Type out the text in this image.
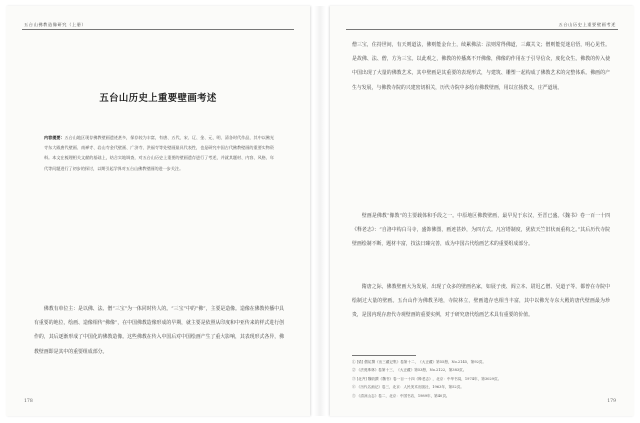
五台山佛教造像研究（上册）
五台山历史上重要壁画考述

内容提要：五台山地区现存佛教壁画遗迹甚多，保存较为丰富，有唐、五代、宋、辽、金、元、明、清各时代作品，其中以佛光寺东大殿唐代壁画、南禅寺、岩山寺金代壁画、广济寺、洪福寺等处壁画最具代表性，也是研究中国古代佛教壁画的重要实物资料。本文在梳理相关文献的基础上，结合实地调查，对五台山历史上重要的壁画遗存进行了考述，并就其题材、内容、风格、年代等问题进行了初步的探讨，以期引起学界对五台山佛教壁画的进一步关注。

佛教有单位主：是以佛、法、僧“三宝”为一体同时传人的。“三宝”中的“佛”，主要是造像。造像在佛教传播中具有重要的地位，绘画、造像相传“佛像”，在中国佛教造像形成的早期，就主要是依照从印度和中亚传来的样式进行创作的，其后逐渐形成了中国化的佛教造像。这些佛教在传入中国后对中国绘画产生了重大影响，其表现形式各异，佛教壁画即是其中的重要组成部分。

178
五台山历史上重要壁画考述

僧三宝，住持世间，有天则道法，佛则能金台土，续累佛法：法则常得佛道，三藏关文；僧则能觉迷启悟，明心见性。是故佛、法、僧，方为三宝。以此观之，佛教的传播离不开佛像，佛像的作用在于引导信众，度化众生。佛教的传入使中国出现了大量的佛教艺术，其中壁画是其重要的表现形式，与建筑、雕塑一起构成了佛教艺术的完整体系。佛画的产生与发展，与佛教寺院的兴建密切相关，历代寺院中多绘有佛教壁画，用以宣扬教义，庄严道场。

壁画是佛教“像教”的主要载体和手段之一。中原地区佛教壁画，最早见于东汉，至晋已盛。《魏书》卷一百一十四《释老志》：“自洛中构白马寺，盛饰佛图，画迹甚妙，为四方式。凡宫塔制度，犹依天竺旧状而重构之。”其后历代寺院壁画绘制不断，题材丰富，技法日臻完善，成为中国古代绘画艺术的重要组成部分。

隋唐之际，佛教壁画大为发展，出现了众多的壁画名家，如展子虔、阎立本、尉迟乙僧、吴道子等，都曾在寺院中绘制过大量的壁画。五台山作为佛教圣地，寺院林立，壁画遗存也相当丰富，其中以佛光寺东大殿的唐代壁画最为珍贵，是国内现存唐代寺观壁画的重要实例，对于研究唐代绘画艺术具有重要的价值。

① [梁] 僧祐撰《出三藏记集》卷第十二，《大正藏》第55册，No.2145，第92页。
② 《法苑珠林》卷第十三，《大正藏》第53册，No.2122，第383页。
③ [北齐] 魏收撰《魏书》卷一百一十四《释老志》，北京：中华书局，1974年，第3029页。
④ 《历代名画记》卷三，北京：人民美术出版社，1963年，第52页。
⑤ 《清凉山志》卷二，北京：中国书店，1989年，第40页。
179
